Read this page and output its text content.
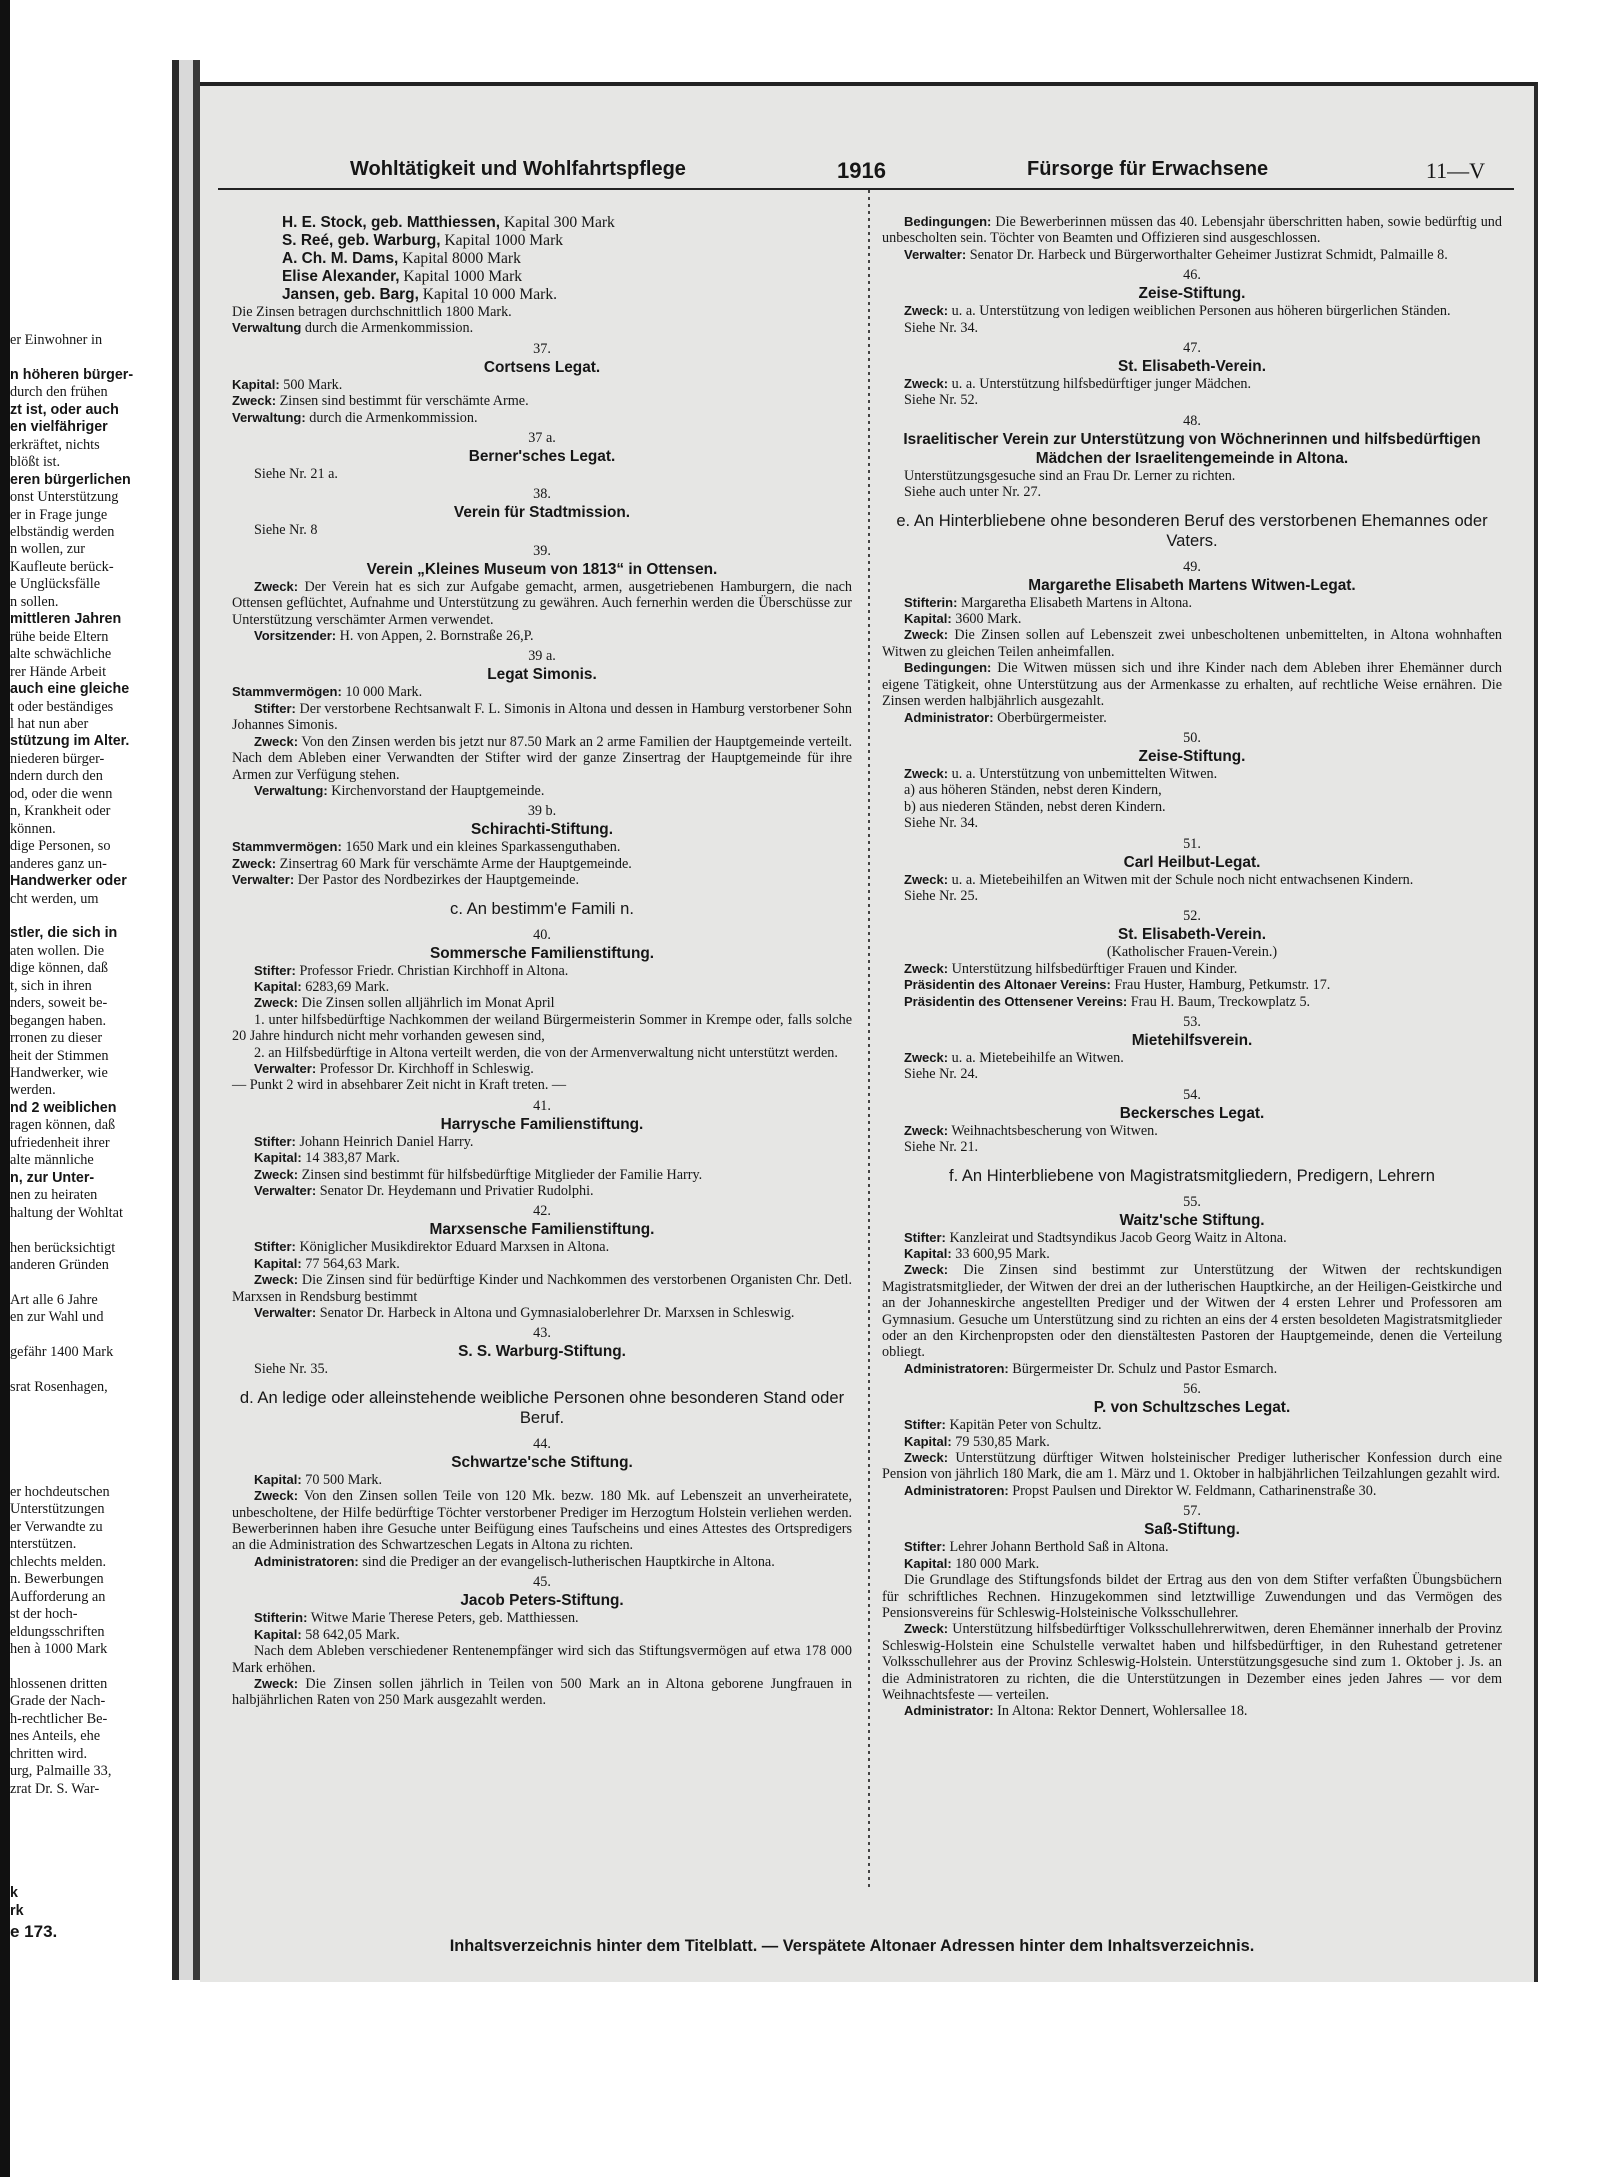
er Einwohner in

n höheren bürger-
durch den frühen
zt ist, oder auch
en vielfähriger
erkräftet, nichts
blößt ist.
eren bürgerlichen
onst Unterstützung
er in Frage junge
elbständig werden
n wollen, zur
Kaufleute berück-
e Unglücksfälle
n sollen.
mittleren Jahren
rühe beide Eltern
alte schwächliche
rer Hände Arbeit
auch eine gleiche
t oder beständiges
l hat nun aber
stützung im Alter.
niederen bürger-
ndern durch den
od, oder die wenn
n, Krankheit oder
können.
dige Personen, so
anderes ganz un-
Handwerker oder
cht werden, um

stler, die sich in
aten wollen. Die
dige können, daß
t, sich in ihren
nders, soweit be-
begangen haben.
rronen zu dieser
heit der Stimmen
Handwerker, wie
werden.
nd 2 weiblichen
ragen können, daß
ufriedenheit ihrer
alte männliche
n, zur Unter-
nen zu heiraten
haltung der Wohltat

hen berücksichtigt
anderen Gründen

Art alle 6 Jahre
en zur Wahl und

gefähr 1400 Mark

srat Rosenhagen,

er hochdeutschen
Unterstützungen
er Verwandte zu
nterstützen.
chlechts melden.
n. Bewerbungen
Aufforderung an
st der hoch-
eldungsschriften
hen à 1000 Mark

hlossenen dritten
Grade der Nach-
h-rechtlicher Be-
nes Anteils, ehe
chritten wird.
urg, Palmaille 33,
zrat Dr. S. War-

k
rk
e 173.
Wohltätigkeit und Wohlfahrtspflege	1916	Fürsorge für Erwachsene	11—V
H. E. Stock, geb. Matthiessen, Kapital 300 Mark
S. Reé, geb. Warburg, Kapital 1000 Mark
A. Ch. M. Dams, Kapital 8000 Mark
Elise Alexander, Kapital 1000 Mark
Jansen, geb. Barg, Kapital 10 000 Mark.
Die Zinsen betragen durchschnittlich 1800 Mark.
Verwaltung durch die Armenkommission.
37.
Cortsens Legat.
Kapital: 500 Mark.
Zweck: Zinsen sind bestimmt für verschämte Arme.
Verwaltung: durch die Armenkommission.
37 a.
Berner'sches Legat.
Siehe Nr. 21 a.
38.
Verein für Stadtmission.
Siehe Nr. 8
39.
Verein „Kleines Museum von 1813“ in Ottensen.
Zweck: Der Verein hat es sich zur Aufgabe gemacht, armen, ausgetriebenen Hamburgern, die nach Ottensen geflüchtet, Aufnahme und Unterstützung zu gewähren. Auch fernerhin werden die Überschüsse zur Unterstützung verschämter Armen verwendet.
Vorsitzender: H. von Appen, 2. Bornstraße 26,P.
39 a.
Legat Simonis.
Stammvermögen: 10 000 Mark.
Stifter: Der verstorbene Rechtsanwalt F. L. Simonis in Altona und dessen in Hamburg verstorbener Sohn Johannes Simonis.
Zweck: Von den Zinsen werden bis jetzt nur 87.50 Mark an 2 arme Familien der Hauptgemeinde verteilt. Nach dem Ableben einer Verwandten der Stifter wird der ganze Zinsertrag der Hauptgemeinde für ihre Armen zur Verfügung stehen.
Verwaltung: Kirchenvorstand der Hauptgemeinde.
39 b.
Schirachti-Stiftung.
Stammvermögen: 1650 Mark und ein kleines Sparkassenguthaben.
Zweck: Zinsertrag 60 Mark für verschämte Arme der Hauptgemeinde.
Verwalter: Der Pastor des Nordbezirkes der Hauptgemeinde.
c. An bestimm'e Famili n.
40.
Sommersche Familienstiftung.
Stifter: Professor Friedr. Christian Kirchhoff in Altona.
Kapital: 6283,69 Mark.
Zweck: Die Zinsen sollen alljährlich im Monat April
1. unter hilfsbedürftige Nachkommen der weiland Bürgermeisterin Sommer in Krempe oder, falls solche 20 Jahre hindurch nicht mehr vorhanden gewesen sind,
2. an Hilfsbedürftige in Altona verteilt werden, die von der Armenverwaltung nicht unterstützt werden.
Verwalter: Professor Dr. Kirchhoff in Schleswig.
— Punkt 2 wird in absehbarer Zeit nicht in Kraft treten. —
41.
Harrysche Familienstiftung.
Stifter: Johann Heinrich Daniel Harry.
Kapital: 14 383,87 Mark.
Zweck: Zinsen sind bestimmt für hilfsbedürftige Mitglieder der Familie Harry.
Verwalter: Senator Dr. Heydemann und Privatier Rudolphi.
42.
Marxsensche Familienstiftung.
Stifter: Königlicher Musikdirektor Eduard Marxsen in Altona.
Kapital: 77 564,63 Mark.
Zweck: Die Zinsen sind für bedürftige Kinder und Nachkommen des verstorbenen Organisten Chr. Detl. Marxsen in Rendsburg bestimmt
Verwalter: Senator Dr. Harbeck in Altona und Gymnasialoberlehrer Dr. Marxsen in Schleswig.
43.
S. S. Warburg-Stiftung.
Siehe Nr. 35.
d. An ledige oder alleinstehende weibliche Personen ohne besonderen Stand oder Beruf.
44.
Schwartze'sche Stiftung.
Kapital: 70 500 Mark.
Zweck: Von den Zinsen sollen Teile von 120 Mk. bezw. 180 Mk. auf Lebenszeit an unverheiratete, unbescholtene, der Hilfe bedürftige Töchter verstorbener Prediger im Herzogtum Holstein verliehen werden. Bewerberinnen haben ihre Gesuche unter Beifügung eines Taufscheins und eines Attestes des Ortspredigers an die Administration des Schwartzeschen Legats in Altona zu richten.
Administratoren: sind die Prediger an der evangelisch-lutherischen Hauptkirche in Altona.
45.
Jacob Peters-Stiftung.
Stifterin: Witwe Marie Therese Peters, geb. Matthiessen.
Kapital: 58 642,05 Mark.
Nach dem Ableben verschiedener Rentenempfänger wird sich das Stiftungsvermögen auf etwa 178 000 Mark erhöhen.
Zweck: Die Zinsen sollen jährlich in Teilen von 500 Mark an in Altona geborene Jungfrauen in halbjährlichen Raten von 250 Mark ausgezahlt werden.
Bedingungen: Die Bewerberinnen müssen das 40. Lebensjahr überschritten haben, sowie bedürftig und unbescholten sein. Töchter von Beamten und Offizieren sind ausgeschlossen.
Verwalter: Senator Dr. Harbeck und Bürgerworthalter Geheimer Justizrat Schmidt, Palmaille 8.
46.
Zeise-Stiftung.
Zweck: u. a. Unterstützung von ledigen weiblichen Personen aus höheren bürgerlichen Ständen.
Siehe Nr. 34.
47.
St. Elisabeth-Verein.
Zweck: u. a. Unterstützung hilfsbedürftiger junger Mädchen.
Siehe Nr. 52.
48.
Israelitischer Verein zur Unterstützung von Wöchnerinnen und hilfsbedürftigen Mädchen der Israelitengemeinde in Altona.
Unterstützungsgesuche sind an Frau Dr. Lerner zu richten.
Siehe auch unter Nr. 27.
e. An Hinterbliebene ohne besonderen Beruf des verstorbenen Ehemannes oder Vaters.
49.
Margarethe Elisabeth Martens Witwen-Legat.
Stifterin: Margaretha Elisabeth Martens in Altona.
Kapital: 3600 Mark.
Zweck: Die Zinsen sollen auf Lebenszeit zwei unbescholtenen unbemittelten, in Altona wohnhaften Witwen zu gleichen Teilen anheimfallen.
Bedingungen: Die Witwen müssen sich und ihre Kinder nach dem Ableben ihrer Ehemänner durch eigene Tätigkeit, ohne Unterstützung aus der Armenkasse zu erhalten, auf rechtliche Weise ernähren. Die Zinsen werden halbjährlich ausgezahlt.
Administrator: Oberbürgermeister.
50.
Zeise-Stiftung.
Zweck: u. a. Unterstützung von unbemittelten Witwen.
a) aus höheren Ständen, nebst deren Kindern,
b) aus niederen Ständen, nebst deren Kindern.
Siehe Nr. 34.
51.
Carl Heilbut-Legat.
Zweck: u. a. Mietebeihilfen an Witwen mit der Schule noch nicht entwachsenen Kindern.
Siehe Nr. 25.
52.
St. Elisabeth-Verein.
(Katholischer Frauen-Verein.)
Zweck: Unterstützung hilfsbedürftiger Frauen und Kinder.
Präsidentin des Altonaer Vereins: Frau Huster, Hamburg, Petkumstr. 17.
Präsidentin des Ottensener Vereins: Frau H. Baum, Treckowplatz 5.
53.
Mietehilfsverein.
Zweck: u. a. Mietebeihilfe an Witwen.
Siehe Nr. 24.
54.
Beckersches Legat.
Zweck: Weihnachtsbescherung von Witwen.
Siehe Nr. 21.
f. An Hinterbliebene von Magistratsmitgliedern, Predigern, Lehrern
55.
Waitz'sche Stiftung.
Stifter: Kanzleirat und Stadtsyndikus Jacob Georg Waitz in Altona.
Kapital: 33 600,95 Mark.
Zweck: Die Zinsen sind bestimmt zur Unterstützung der Witwen der rechtskundigen Magistratsmitglieder, der Witwen der drei an der lutherischen Hauptkirche, an der Heiligen-Geistkirche und an der Johanneskirche angestellten Prediger und der Witwen der 4 ersten Lehrer und Professoren am Gymnasium. Gesuche um Unterstützung sind zu richten an eins der 4 ersten besoldeten Magistratsmitglieder oder an den Kirchenpropsten oder den dienstältesten Pastoren der Hauptgemeinde, denen die Verteilung obliegt.
Administratoren: Bürgermeister Dr. Schulz und Pastor Esmarch.
56.
P. von Schultzsches Legat.
Stifter: Kapitän Peter von Schultz.
Kapital: 79 530,85 Mark.
Zweck: Unterstützung dürftiger Witwen holsteinischer Prediger lutherischer Konfession durch eine Pension von jährlich 180 Mark, die am 1. März und 1. Oktober in halbjährlichen Teilzahlungen gezahlt wird.
Administratoren: Propst Paulsen und Direktor W. Feldmann, Catharinenstraße 30.
57.
Saß-Stiftung.
Stifter: Lehrer Johann Berthold Saß in Altona.
Kapital: 180 000 Mark.
Die Grundlage des Stiftungsfonds bildet der Ertrag aus den von dem Stifter verfaßten Übungsbüchern für schriftliches Rechnen. Hinzugekommen sind letztwillige Zuwendungen und das Vermögen des Pensionsvereins für Schleswig-Holsteinische Volksschullehrer.
Zweck: Unterstützung hilfsbedürftiger Volksschullehrerwitwen, deren Ehemänner innerhalb der Provinz Schleswig-Holstein eine Schulstelle verwaltet haben und hilfsbedürftiger, in den Ruhestand getretener Volksschullehrer aus der Provinz Schleswig-Holstein. Unterstützungsgesuche sind zum 1. Oktober j. Js. an die Administratoren zu richten, die die Unterstützungen in Dezember eines jeden Jahres — vor dem Weihnachtsfeste — verteilen.
Administrator: In Altona: Rektor Dennert, Wohlersallee 18.
Inhaltsverzeichnis hinter dem Titelblatt. — Verspätete Altonaer Adressen hinter dem Inhaltsverzeichnis.
